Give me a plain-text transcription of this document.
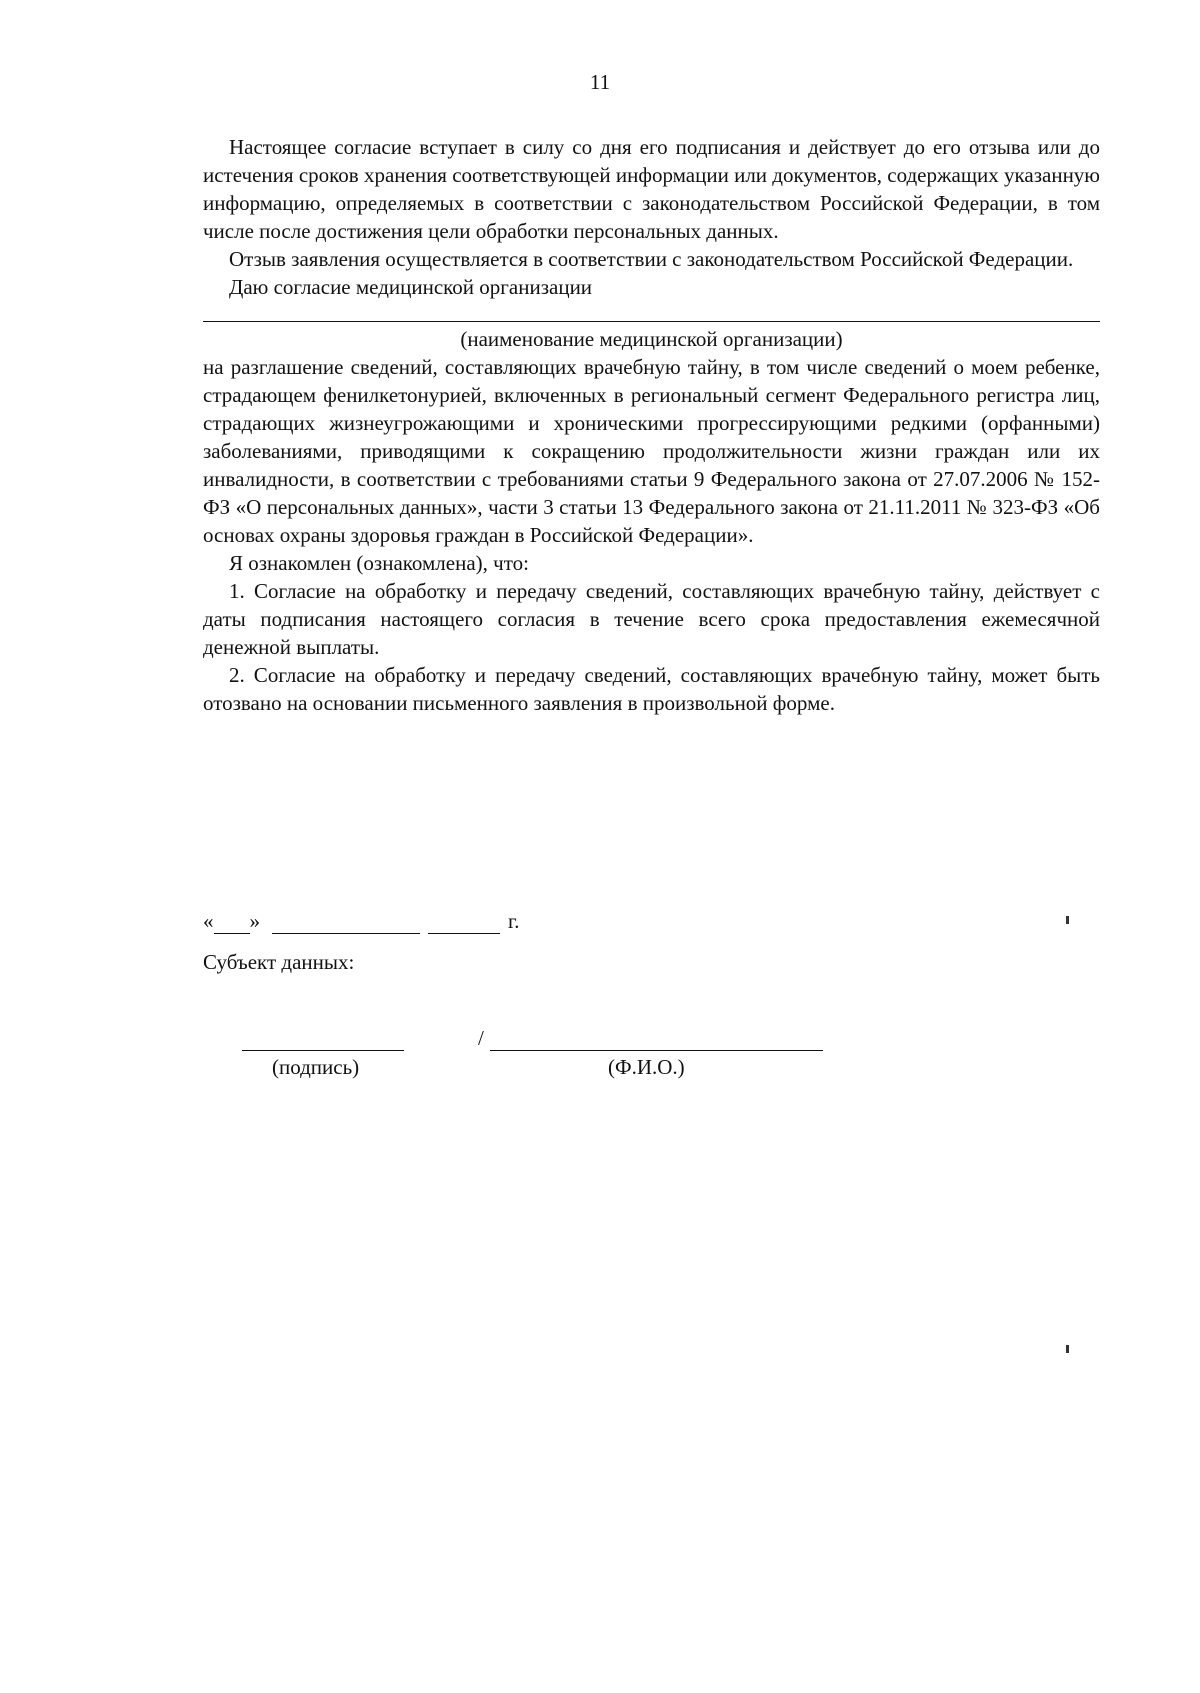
11

Настоящее согласие вступает в силу со дня его подписания и действует до его отзыва или до истечения сроков хранения соответствующей информации или документов, содержащих указанную информацию, определяемых в соответствии с законодательством Российской Федерации, в том числе после достижения цели обработки персональных данных.

Отзыв заявления осуществляется в соответствии с законодательством Российской Федерации.

Даю согласие медицинской организации

(наименование медицинской организации)

на разглашение сведений, составляющих врачебную тайну, в том числе сведений о моем ребенке, страдающем фенилкетонурией, включенных в региональный сегмент Федерального регистра лиц, страдающих жизнеугрожающими и хроническими прогрессирующими редкими (орфанными) заболеваниями, приводящими к сокращению продолжительности жизни граждан или их инвалидности, в соответствии с требованиями статьи 9 Федерального закона от 27.07.2006 № 152-ФЗ «О персональных данных», части 3 статьи 13 Федерального закона от 21.11.2011 № 323-ФЗ «Об основах охраны здоровья граждан в Российской Федерации».

Я ознакомлен (ознакомлена), что:

1. Согласие на обработку и передачу сведений, составляющих врачебную тайну, действует с даты подписания настоящего согласия в течение всего срока предоставления ежемесячной денежной выплаты.

2. Согласие на обработку и передачу сведений, составляющих врачебную тайну, может быть отозвано на основании письменного заявления в произвольной форме.

« »	г.
Субъект данных:
/
(подпись)	(Ф.И.О.)
